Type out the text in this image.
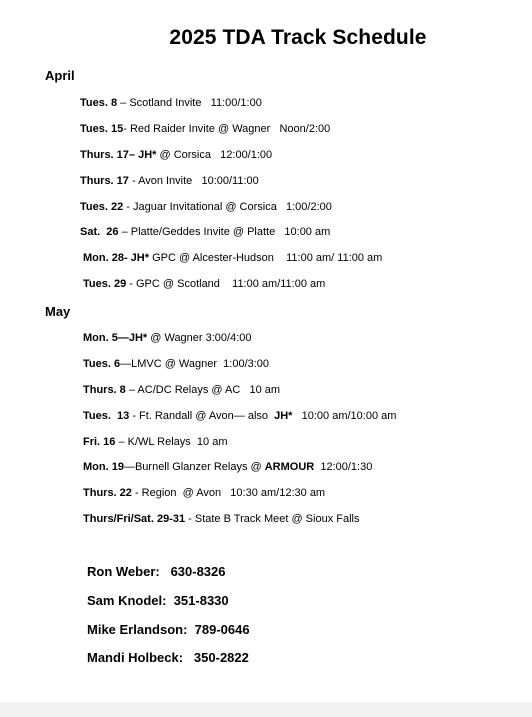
2025 TDA Track Schedule
April
Tues. 8 – Scotland Invite   11:00/1:00
Tues. 15- Red Raider Invite @ Wagner   Noon/2:00
Thurs. 17– JH* @ Corsica   12:00/1:00
Thurs. 17 - Avon Invite   10:00/11:00
Tues. 22 - Jaguar Invitational @ Corsica   1:00/2:00
Sat.  26 – Platte/Geddes Invite @ Platte   10:00 am
Mon. 28- JH* GPC @ Alcester-Hudson    11:00 am/ 11:00 am
Tues. 29 - GPC @ Scotland    11:00 am/11:00 am
May
Mon. 5—JH* @ Wagner 3:00/4:00
Tues. 6—LMVC @ Wagner  1:00/3:00
Thurs. 8 – AC/DC Relays @ AC   10 am
Tues.  13 - Ft. Randall @ Avon— also  JH*   10:00 am/10:00 am
Fri. 16 – K/WL Relays  10 am
Mon. 19—Burnell Glanzer Relays @ ARMOUR  12:00/1:30
Thurs. 22 - Region  @ Avon   10:30 am/12:30 am
Thurs/Fri/Sat. 29-31 - State B Track Meet @ Sioux Falls
Ron Weber: 630-8326
Sam Knodel: 351-8330
Mike Erlandson: 789-0646
Mandi Holbeck: 350-2822
